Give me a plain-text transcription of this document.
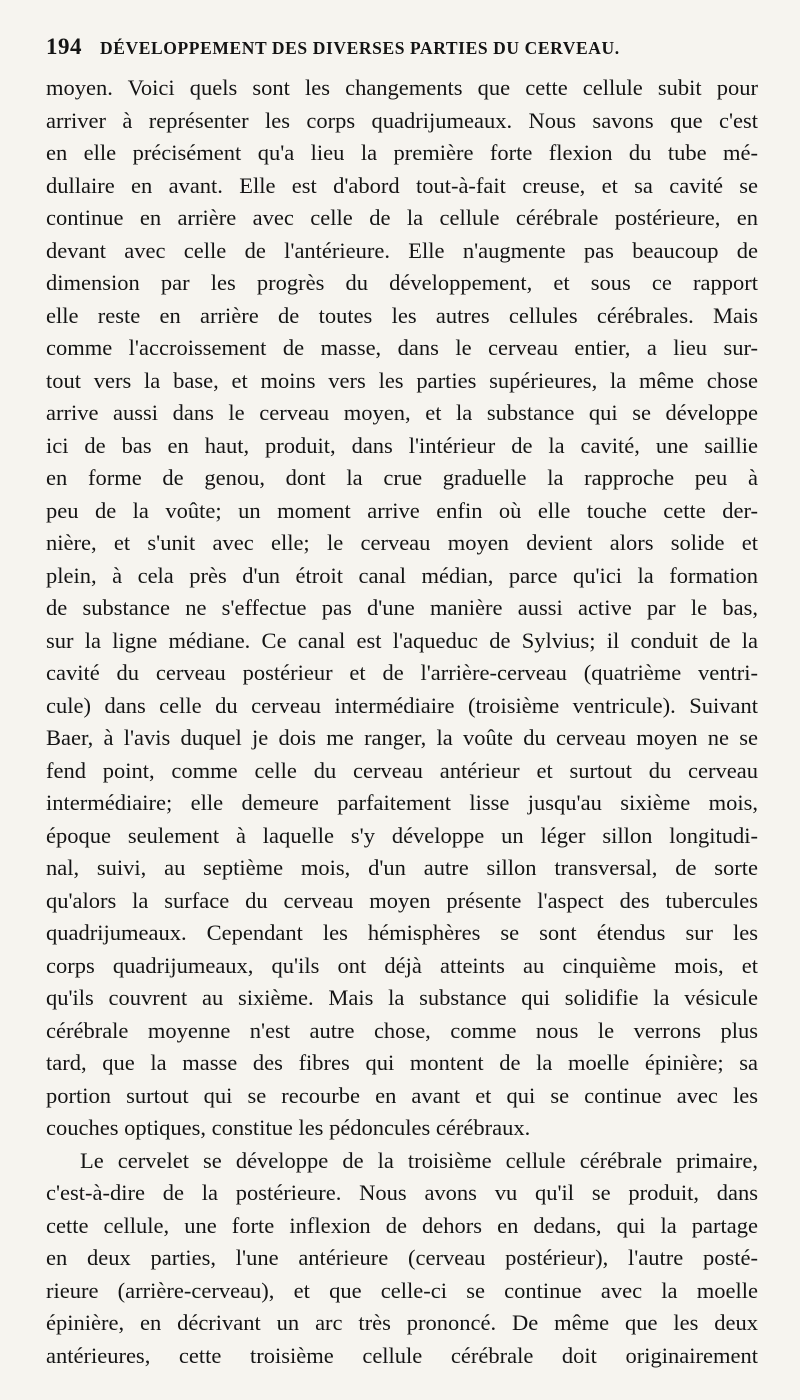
194 DÉVELOPPEMENT DES DIVERSES PARTIES DU CERVEAU.
moyen. Voici quels sont les changements que cette cellule subit pour
arriver à représenter les corps quadrijumeaux. Nous savons que c'est
en elle précisément qu'a lieu la première forte flexion du tube mé-
dullaire en avant. Elle est d'abord tout-à-fait creuse, et sa cavité se
continue en arrière avec celle de la cellule cérébrale postérieure, en
devant avec celle de l'antérieure. Elle n'augmente pas beaucoup de
dimension par les progrès du développement, et sous ce rapport
elle reste en arrière de toutes les autres cellules cérébrales. Mais
comme l'accroissement de masse, dans le cerveau entier, a lieu sur-
tout vers la base, et moins vers les parties supérieures, la même chose
arrive aussi dans le cerveau moyen, et la substance qui se développe
ici de bas en haut, produit, dans l'intérieur de la cavité, une saillie
en forme de genou, dont la crue graduelle la rapproche peu à
peu de la voûte; un moment arrive enfin où elle touche cette der-
nière, et s'unit avec elle; le cerveau moyen devient alors solide et
plein, à cela près d'un étroit canal médian, parce qu'ici la formation
de substance ne s'effectue pas d'une manière aussi active par le bas,
sur la ligne médiane. Ce canal est l'aqueduc de Sylvius; il conduit de la
cavité du cerveau postérieur et de l'arrière-cerveau (quatrième ventri-
cule) dans celle du cerveau intermédiaire (troisième ventricule). Suivant
Baer, à l'avis duquel je dois me ranger, la voûte du cerveau moyen ne se
fend point, comme celle du cerveau antérieur et surtout du cerveau
intermédiaire; elle demeure parfaitement lisse jusqu'au sixième mois,
époque seulement à laquelle s'y développe un léger sillon longitudi-
nal, suivi, au septième mois, d'un autre sillon transversal, de sorte
qu'alors la surface du cerveau moyen présente l'aspect des tubercules
quadrijumeaux. Cependant les hémisphères se sont étendus sur les
corps quadrijumeaux, qu'ils ont déjà atteints au cinquième mois, et
qu'ils couvrent au sixième. Mais la substance qui solidifie la vésicule
cérébrale moyenne n'est autre chose, comme nous le verrons plus
tard, que la masse des fibres qui montent de la moelle épinière; sa
portion surtout qui se recourbe en avant et qui se continue avec les
couches optiques, constitue les pédoncules cérébraux.
Le cervelet se développe de la troisième cellule cérébrale primaire,
c'est-à-dire de la postérieure. Nous avons vu qu'il se produit, dans
cette cellule, une forte inflexion de dehors en dedans, qui la partage
en deux parties, l'une antérieure (cerveau postérieur), l'autre posté-
rieure (arrière-cerveau), et que celle-ci se continue avec la moelle
épinière, en décrivant un arc très prononcé. De même que les deux
antérieures, cette troisième cellule cérébrale doit originairement
